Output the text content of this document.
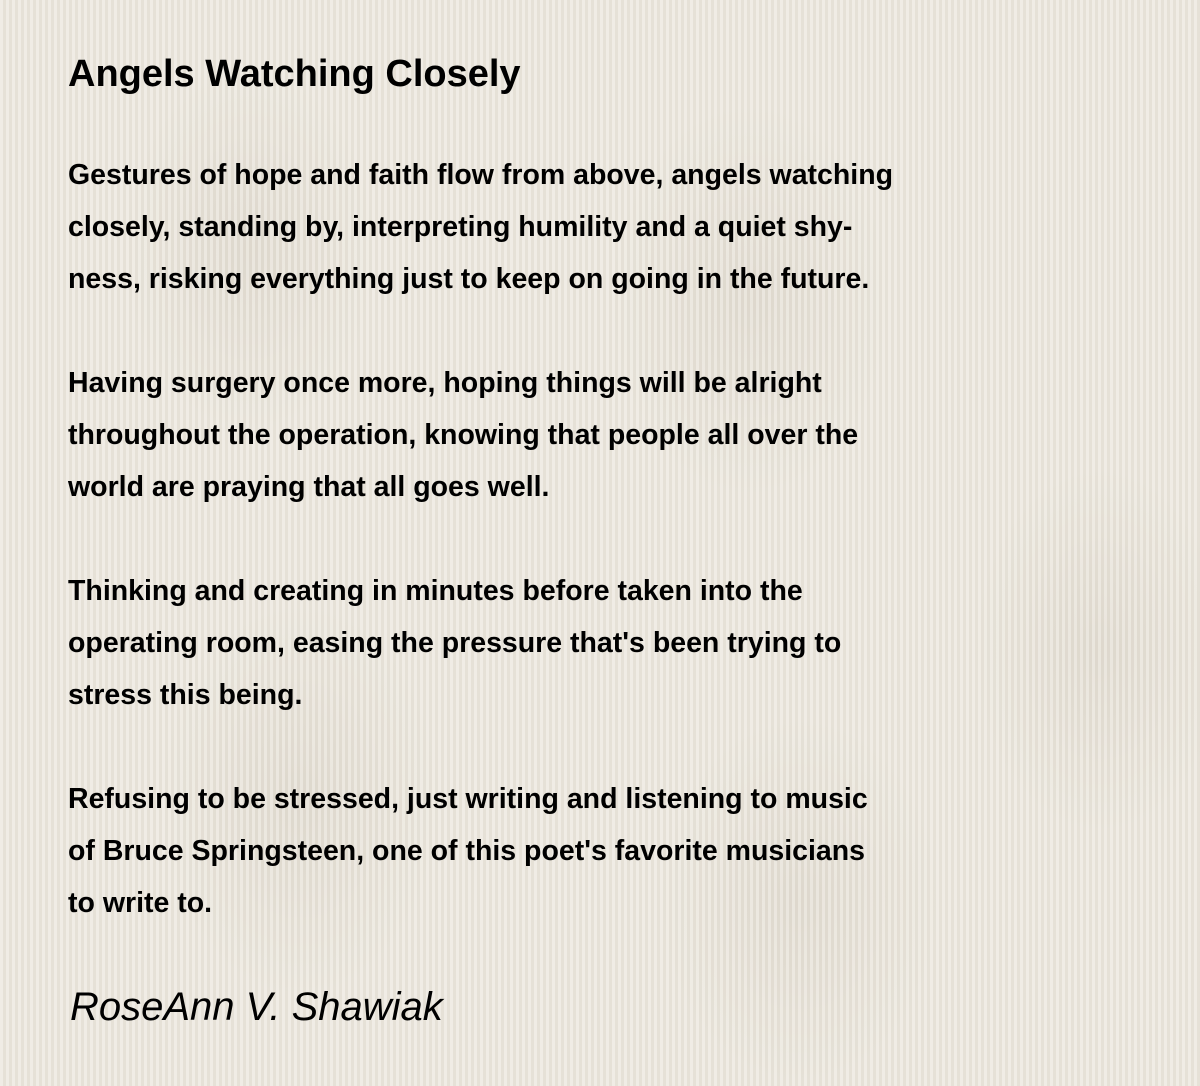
Angels Watching Closely

Gestures of hope and faith flow from above, angels watching
closely, standing by, interpreting humility and a quiet shy-
ness, risking everything just to keep on going in the future.

Having surgery once more, hoping things will be alright
throughout the operation, knowing that people all over the
world are praying that all goes well.

Thinking and creating in minutes before taken into the
operating room, easing the pressure that's been trying to
stress this being.

Refusing to be stressed, just writing and listening to music
of Bruce Springsteen, one of this poet's favorite musicians
to write to.

RoseAnn V. Shawiak
